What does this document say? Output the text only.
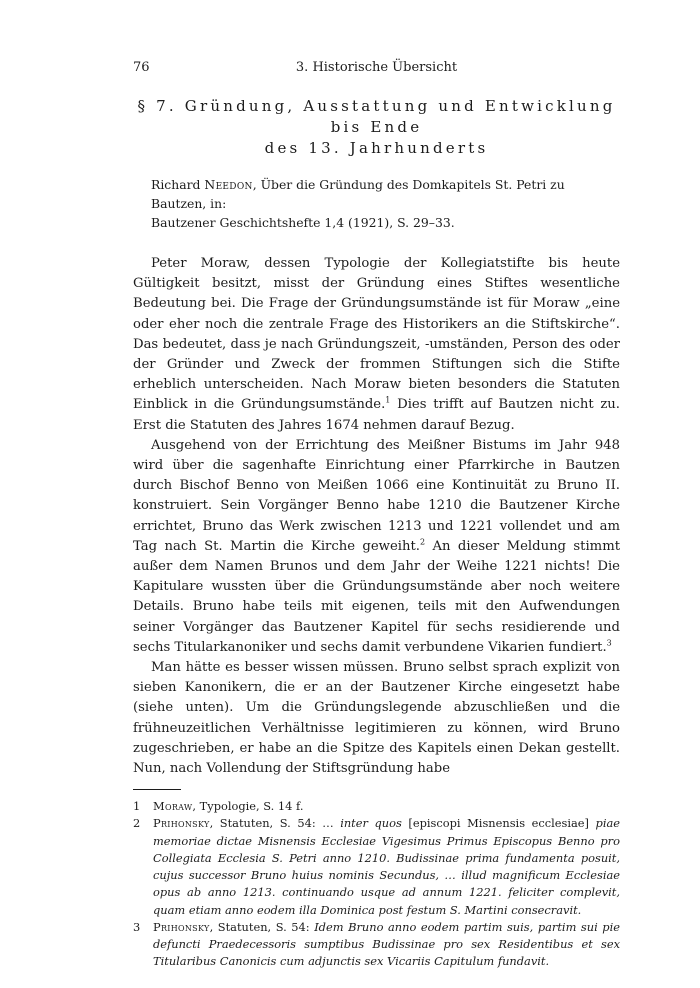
76	3. Historische Übersicht
§ 7. Gründung, Ausstattung und Entwicklung bis Ende
des 13. Jahrhunderts
Richard Needon, Über die Gründung des Domkapitels St. Petri zu Bautzen, in:
Bautzener Geschichtshefte 1,4 (1921), S. 29–33.

Peter Moraw, dessen Typologie der Kollegiatstifte bis heute Gültigkeit besitzt, misst der Gründung eines Stiftes wesentliche Bedeutung bei. Die Frage der Gründungsumstände ist für Moraw „eine oder eher noch die zentrale Frage des Historikers an die Stiftskirche“. Das bedeutet, dass je nach Gründungszeit, -umständen, Person des oder der Gründer und Zweck der frommen Stiftungen sich die Stifte erheblich unterscheiden. Nach Moraw bieten besonders die Statuten Einblick in die Gründungsumstände.$^1$ Dies trifft auf Bautzen nicht zu. Erst die Statuten des Jahres 1674 nehmen darauf Bezug.

Ausgehend von der Errichtung des Meißner Bistums im Jahr 948 wird über die sagenhafte Einrichtung einer Pfarrkirche in Bautzen durch Bischof Benno von Meißen 1066 eine Kontinuität zu Bruno II. konstruiert. Sein Vorgänger Benno habe 1210 die Bautzener Kirche errichtet, Bruno das Werk zwischen 1213 und 1221 vollendet und am Tag nach St. Martin die Kirche geweiht.$^2$ An dieser Meldung stimmt außer dem Namen Brunos und dem Jahr der Weihe 1221 nichts! Die Kapitulare wussten über die Gründungsumstände aber noch weitere Details. Bruno habe teils mit eigenen, teils mit den Aufwendungen seiner Vorgänger das Bautzener Kapitel für sechs residierende und sechs Titularkanoniker und sechs damit verbundene Vikarien fundiert.$^3$

Man hätte es besser wissen müssen. Bruno selbst sprach explizit von sieben Kanonikern, die er an der Bautzener Kirche eingesetzt habe (siehe unten). Um die Gründungslegende abzuschließen und die frühneuzeitlichen Verhältnisse legitimieren zu können, wird Bruno zugeschrieben, er habe an die Spitze des Kapitels einen Dekan gestellt. Nun, nach Vollendung der Stiftsgründung habe

1 Moraw, Typologie, S. 14 f.
2 Prihonsky, Statuten, S. 54: … inter quos [episcopi Misnensis ecclesiae] piae memoriae dictae Misnensis Ecclesiae Vigesimus Primus Episcopus Benno pro Collegiata Ecclesia S. Petri anno 1210. Budissinae prima fundamenta posuit, cujus successor Bruno huius nominis Secundus, … illud magnificum Ecclesiae opus ab anno 1213. continuando usque ad annum 1221. feliciter complevit, quam etiam anno eodem illa Dominica post festum S. Martini consecravit.
3 Prihonsky, Statuten, S. 54: Idem Bruno anno eodem partim suis, partim sui pie defuncti Praedecessoris sumptibus Budissinae pro sex Residentibus et sex Titularibus Canonicis cum adjunctis sex Vicariis Capitulum fundavit.
